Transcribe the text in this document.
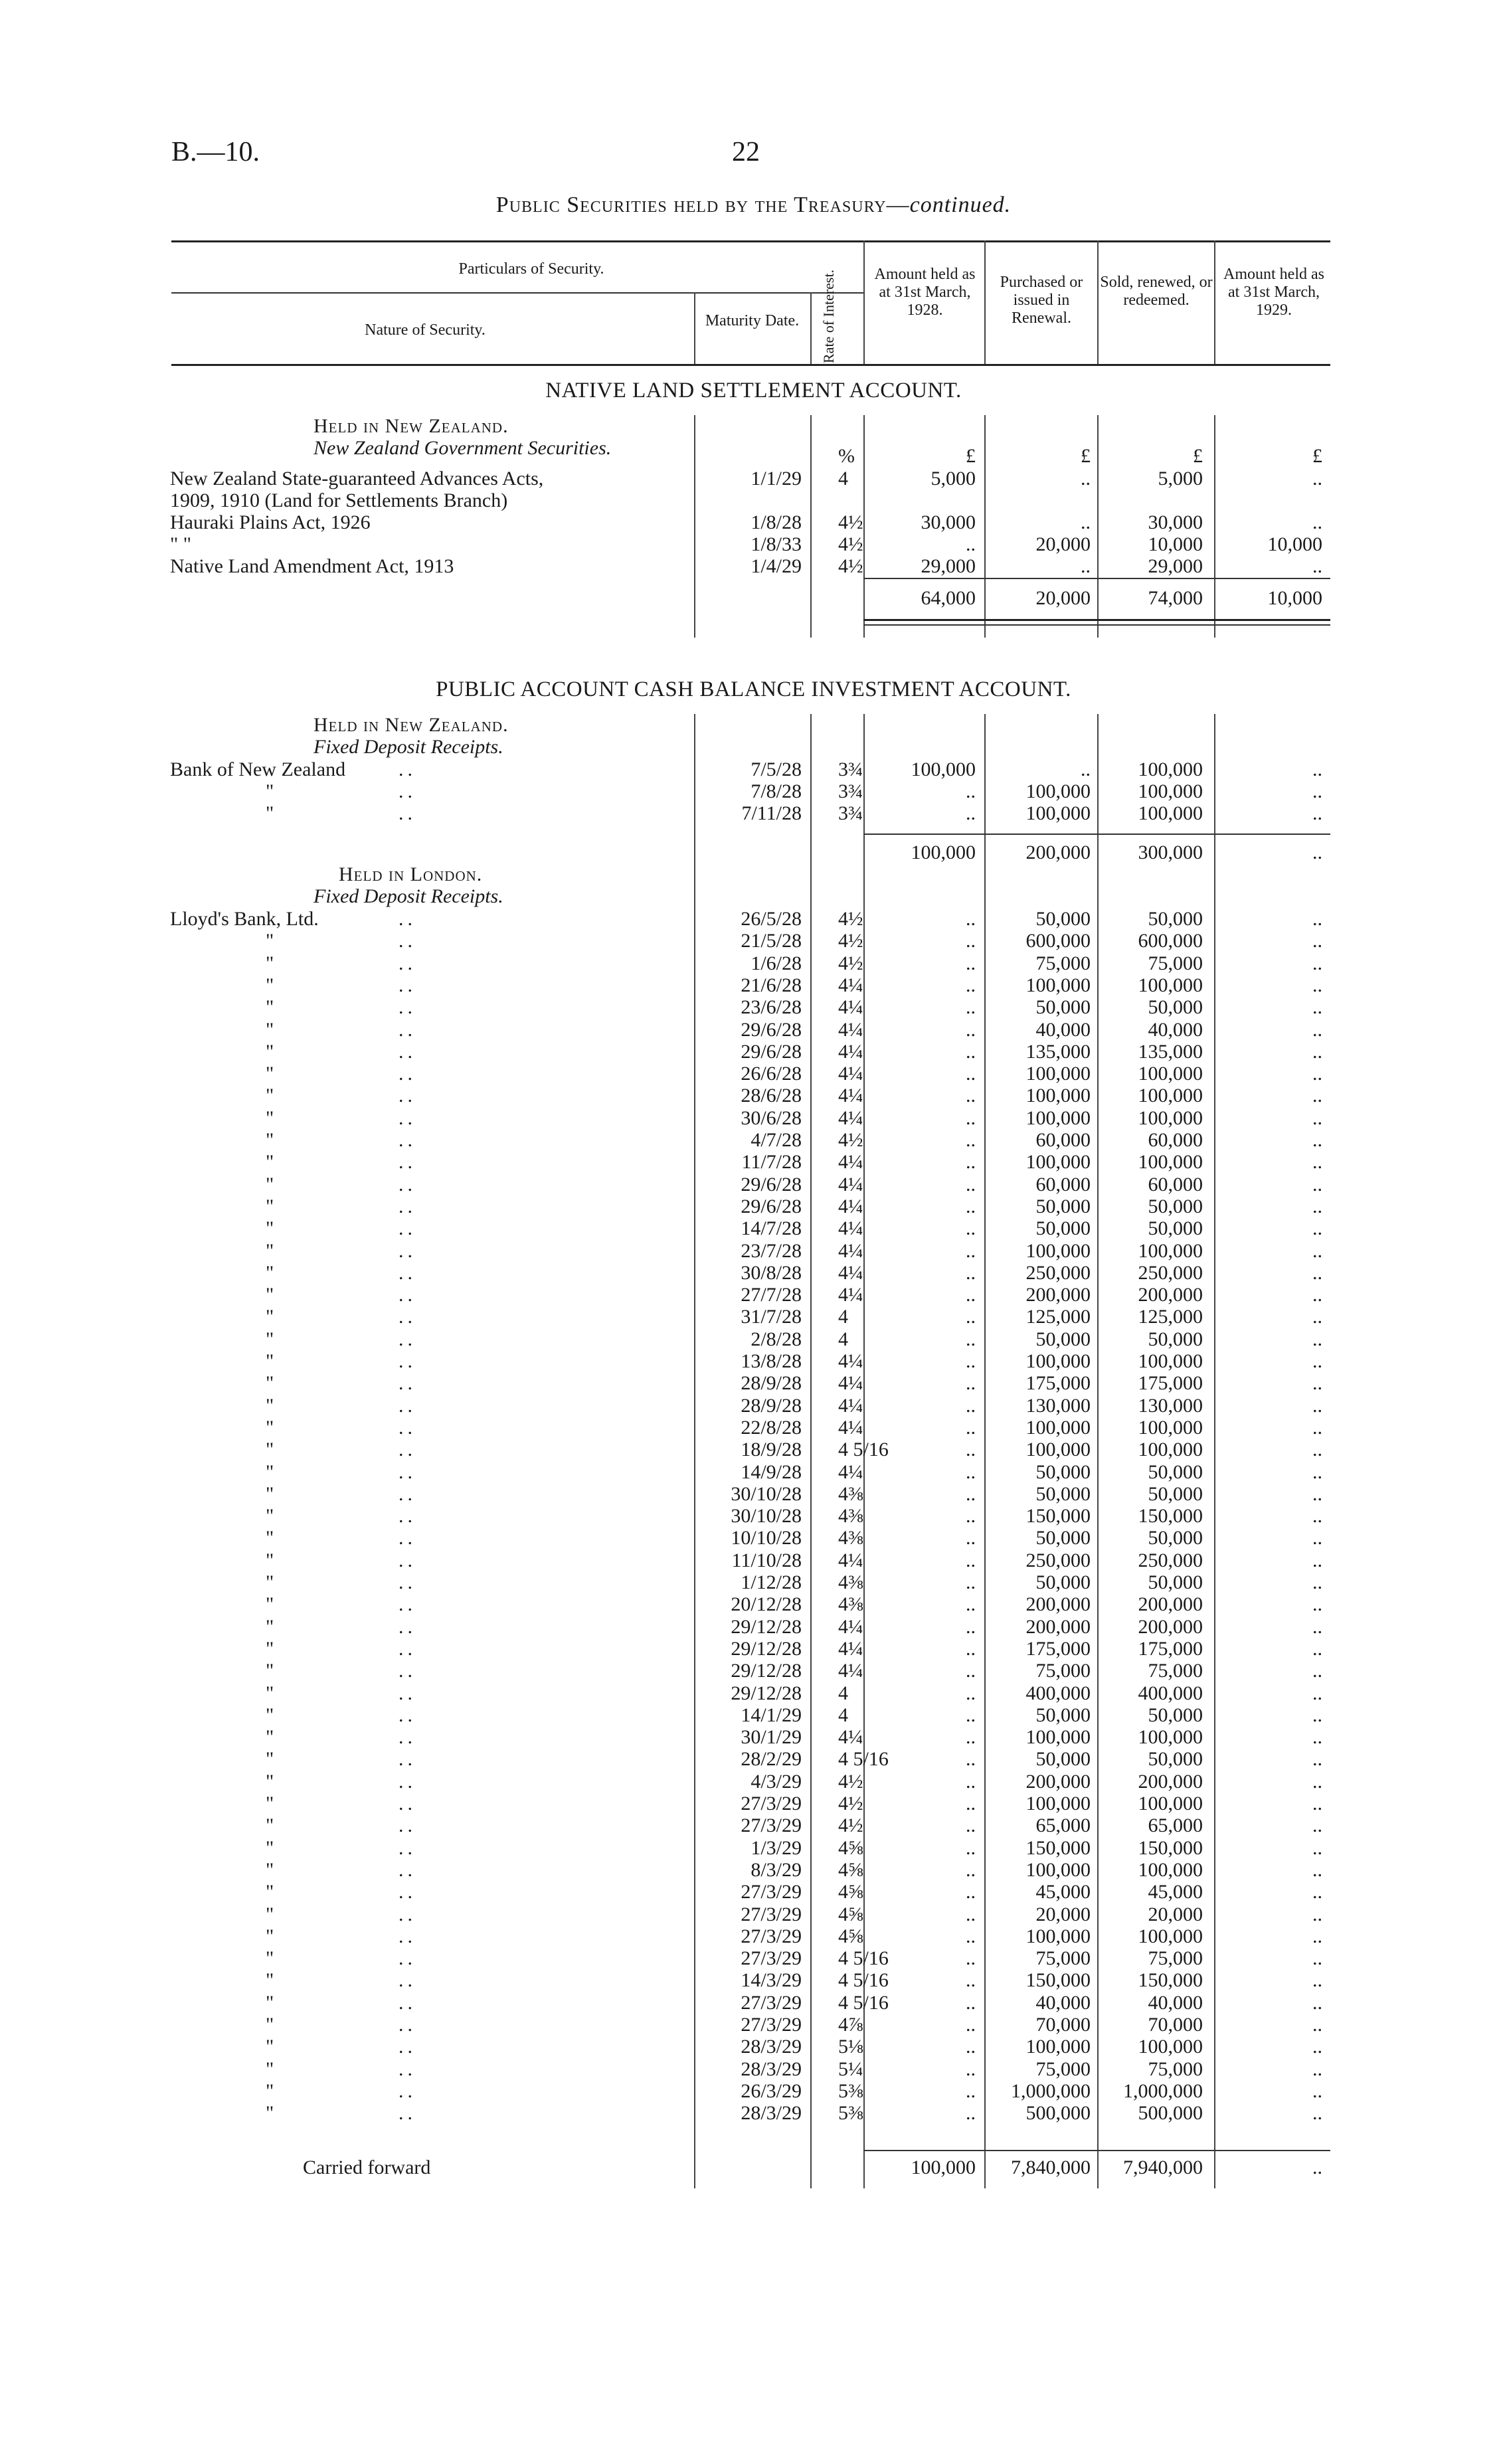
B.—10.	22
Public Securities held by the Treasury—continued.
Particulars of Security.
Nature of Security.
Maturity Date.	Rate of Interest.	Amount held as at 31st March, 1928.
Purchased or issued in Renewal.
Sold, renewed, or redeemed.
Amount held as at 31st March, 1929.
NATIVE LAND SETTLEMENT ACCOUNT.
Held in New Zealand.
New Zealand Government Securities.	%	£	£	£	£
New Zealand State-guaranteed Advances Acts,	1/1/29 4	5,000	..	5,000	..
1909, 1910 (Land for Settlements Branch)
Hauraki Plains Act, 1926	1/8/28 4½	30,000	..	30,000	..
" "	1/8/33 4½	..	20,000	10,000	10,000
Native Land Amendment Act, 1913	1/4/29 4½	29,000	..	29,000	..
64,000	20,000	74,000	10,000
PUBLIC ACCOUNT CASH BALANCE INVESTMENT ACCOUNT.
Held in New Zealand.
Fixed Deposit Receipts.
Bank of New Zealand	..	7/5/28 3¾ 100,000	.. 100,000	..
"	..	7/8/28 3¾	..	100,000 100,000	..
"	..	7/11/28 3¾	..	100,000 100,000	..
100,000	200,000 300,000	..
Held in London.
Fixed Deposit Receipts.
Lloyd's Bank, Ltd.	..	26/5/28 4½	..	50,000	50,000	..
"	..	21/5/28 4½	..	600,000 600,000	..
"	..	1/6/28 4½	..	75,000	75,000	..
"	..	21/6/28 4¼	..	100,000 100,000	..
"	..	23/6/28 4¼	..	50,000	50,000	..
"	..	29/6/28 4¼	..	40,000	40,000	..
"	..	29/6/28 4¼	..	135,000 135,000	..
"	..	26/6/28 4¼	..	100,000 100,000	..
"	..	28/6/28 4¼	..	100,000 100,000	..
"	..	30/6/28 4¼	..	100,000 100,000	..
"	..	4/7/28 4½	..	60,000	60,000	..
"	..	11/7/28 4¼	..	100,000 100,000	..
"	..	29/6/28 4¼	..	60,000	60,000	..
"	..	29/6/28 4¼	..	50,000	50,000	..
"	..	14/7/28 4¼	..	50,000	50,000	..
"	..	23/7/28 4¼	..	100,000 100,000	..
"	..	30/8/28 4¼	..	250,000 250,000	..
"	..	27/7/28 4¼	..	200,000 200,000	..
"	..	31/7/28 4	..	125,000 125,000	..
"	..	2/8/28 4	..	50,000	50,000	..
"	..	13/8/28 4¼	..	100,000 100,000	..
"	..	28/9/28 4¼	..	175,000 175,000	..
"	..	28/9/28 4¼	..	130,000 130,000	..
"	..	22/8/28 4¼	..	100,000 100,000	..
"	..	18/9/28 4 5/16	..	100,000 100,000	..
"	..	14/9/28 4¼	..	50,000	50,000	..
"	..	30/10/28 4⅜	..	50,000	50,000	..
"	..	30/10/28 4⅜	..	150,000 150,000	..
"	..	10/10/28 4⅜	..	50,000	50,000	..
"	..	11/10/28 4¼	..	250,000 250,000	..
"	..	1/12/28 4⅜	..	50,000	50,000	..
"	..	20/12/28 4⅜	..	200,000 200,000	..
"	..	29/12/28 4¼	..	200,000 200,000	..
"	..	29/12/28 4¼	..	175,000 175,000	..
"	..	29/12/28 4¼	..	75,000	75,000	..
"	..	29/12/28 4	..	400,000 400,000	..
"	..	14/1/29 4	..	50,000	50,000	..
"	..	30/1/29 4¼	..	100,000 100,000	..
"	..	28/2/29 4 5/16	..	50,000	50,000	..
"	..	4/3/29 4½	..	200,000 200,000	..
"	..	27/3/29 4½	..	100,000 100,000	..
"	..	27/3/29 4½	..	65,000	65,000	..
"	..	1/3/29 4⅝	..	150,000 150,000	..
"	..	8/3/29 4⅝	..	100,000 100,000	..
"	..	27/3/29 4⅝	..	45,000	45,000	..
"	..	27/3/29 4⅝	..	20,000	20,000	..
"	..	27/3/29 4⅝	..	100,000 100,000	..
"	..	27/3/29 4 5/16	..	75,000	75,000	..
"	..	14/3/29 4 5/16	..	150,000 150,000	..
"	..	27/3/29 4 5/16	..	40,000	40,000	..
"	..	27/3/29 4⅞	..	70,000	70,000	..
"	..	28/3/29 5⅛	..	100,000 100,000	..
"	..	28/3/29 5¼	..	75,000	75,000	..
"	..	26/3/29 5⅜	.. 1,000,000 1,000,000	..
"	..	28/3/29 5⅜	..	500,000 500,000	..
Carried forward	100,000 7,840,000 7,940,000	..
